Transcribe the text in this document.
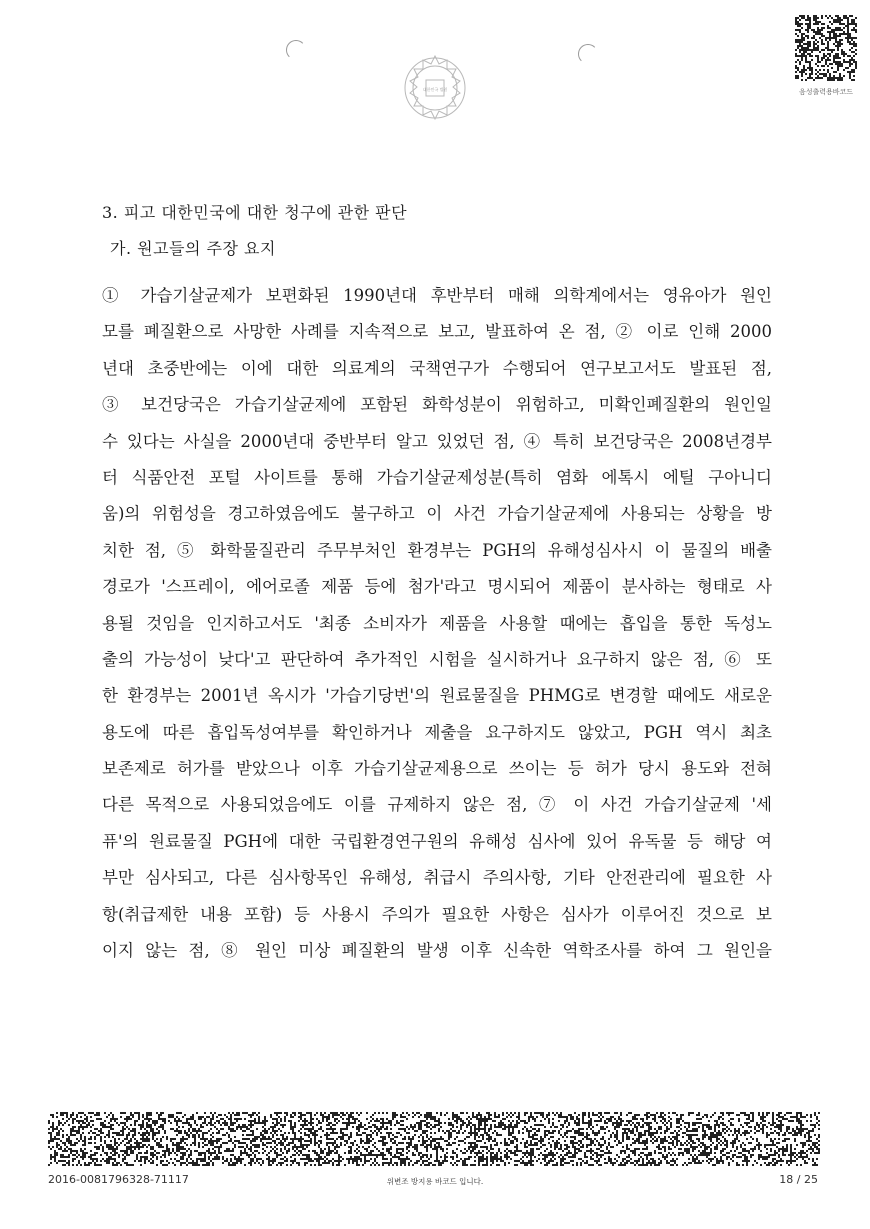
대한민국 법원	음성출력용바코드
3. 피고 대한민국에 대한 청구에 관한 판단
가. 원고들의 주장 요지
① 가습기살균제가 보편화된 1990년대 후반부터 매해 의학계에서는 영유아가 원인
모를 폐질환으로 사망한 사례를 지속적으로 보고, 발표하여 온 점, ② 이로 인해 2000
년대 초중반에는 이에 대한 의료계의 국책연구가 수행되어 연구보고서도 발표된 점,
③ 보건당국은 가습기살균제에 포함된 화학성분이 위험하고, 미확인폐질환의 원인일
수 있다는 사실을 2000년대 중반부터 알고 있었던 점, ④ 특히 보건당국은 2008년경부
터 식품안전 포털 사이트를 통해 가습기살균제성분(특히 염화 에톡시 에틸 구아니디
움)의 위험성을 경고하였음에도 불구하고 이 사건 가습기살균제에 사용되는 상황을 방
치한 점, ⑤ 화학물질관리 주무부처인 환경부는 PGH의 유해성심사시 이 물질의 배출
경로가 '스프레이, 에어로졸 제품 등에 첨가'라고 명시되어 제품이 분사하는 형태로 사
용될 것임을 인지하고서도 '최종 소비자가 제품을 사용할 때에는 흡입을 통한 독성노
출의 가능성이 낮다'고 판단하여 추가적인 시험을 실시하거나 요구하지 않은 점, ⑥ 또
한 환경부는 2001년 옥시가 '가습기당번'의 원료물질을 PHMG로 변경할 때에도 새로운
용도에 따른 흡입독성여부를 확인하거나 제출을 요구하지도 않았고, PGH 역시 최초
보존제로 허가를 받았으나 이후 가습기살균제용으로 쓰이는 등 허가 당시 용도와 전혀
다른 목적으로 사용되었음에도 이를 규제하지 않은 점, ⑦ 이 사건 가습기살균제 '세
퓨'의 원료물질 PGH에 대한 국립환경연구원의 유해성 심사에 있어 유독물 등 해당 여
부만 심사되고, 다른 심사항목인 유해성, 취급시 주의사항, 기타 안전관리에 필요한 사
항(취급제한 내용 포함) 등 사용시 주의가 필요한 사항은 심사가 이루어진 것으로 보
이지 않는 점, ⑧ 원인 미상 폐질환의 발생 이후 신속한 역학조사를 하여 그 원인을
2016-0081796328-71117	위변조 방지용 바코드 입니다.	18 / 25
